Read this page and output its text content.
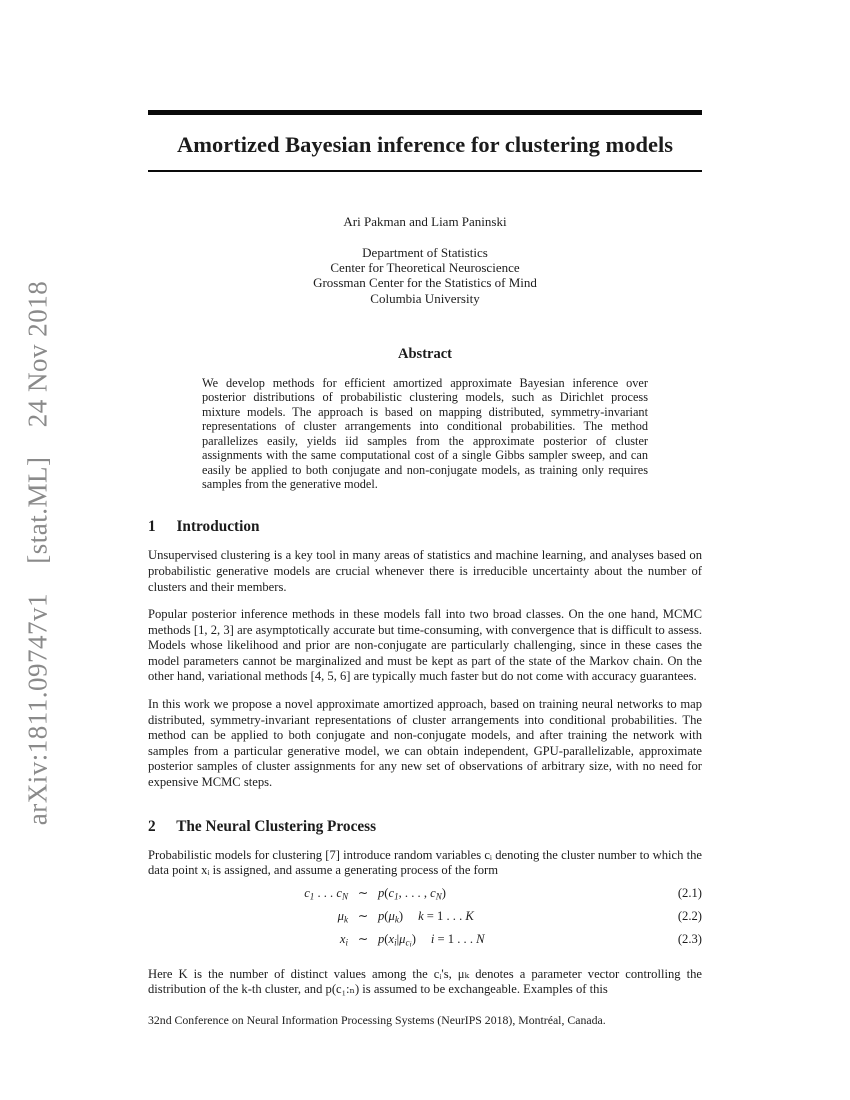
arXiv:1811.09747v1 [stat.ML] 24 Nov 2018
Amortized Bayesian inference for clustering models
Ari Pakman and Liam Paninski
Department of Statistics
Center for Theoretical Neuroscience
Grossman Center for the Statistics of Mind
Columbia University
Abstract

We develop methods for efficient amortized approximate Bayesian inference over posterior distributions of probabilistic clustering models, such as Dirichlet process mixture models. The approach is based on mapping distributed, symmetry-invariant representations of cluster arrangements into conditional probabilities. The method parallelizes easily, yields iid samples from the approximate posterior of cluster assignments with the same computational cost of a single Gibbs sampler sweep, and can easily be applied to both conjugate and non-conjugate models, as training only requires samples from the generative model.

1 Introduction

Unsupervised clustering is a key tool in many areas of statistics and machine learning, and analyses based on probabilistic generative models are crucial whenever there is irreducible uncertainty about the number of clusters and their members.

Popular posterior inference methods in these models fall into two broad classes. On the one hand, MCMC methods [1, 2, 3] are asymptotically accurate but time-consuming, with convergence that is difficult to assess. Models whose likelihood and prior are non-conjugate are particularly challenging, since in these cases the model parameters cannot be marginalized and must be kept as part of the state of the Markov chain. On the other hand, variational methods [4, 5, 6] are typically much faster but do not come with accuracy guarantees.

In this work we propose a novel approximate amortized approach, based on training neural networks to map distributed, symmetry-invariant representations of cluster arrangements into conditional probabilities. The method can be applied to both conjugate and non-conjugate models, and after training the network with samples from a particular generative model, we can obtain independent, GPU-parallelizable, approximate posterior samples of cluster assignments for any new set of observations of arbitrary size, with no need for expensive MCMC steps.

2 The Neural Clustering Process

Probabilistic models for clustering [7] introduce random variables cᵢ denoting the cluster number to which the data point xᵢ is assigned, and assume a generating process of the form

c1 . . . cN ∼ p(c1, . . . , cN)	(2.1)
μk ∼ p(μk) k = 1 . . . K	(2.2)
xi ∼ $p(xi|\mu c_i) i = 1$ . . . N	(2.3)

Here K is the number of distinct values among the cᵢ's, μₖ denotes a parameter vector controlling the distribution of the k-th cluster, and p(c₁:ₙ) is assumed to be exchangeable. Examples of this

32nd Conference on Neural Information Processing Systems (NeurIPS 2018), Montréal, Canada.
